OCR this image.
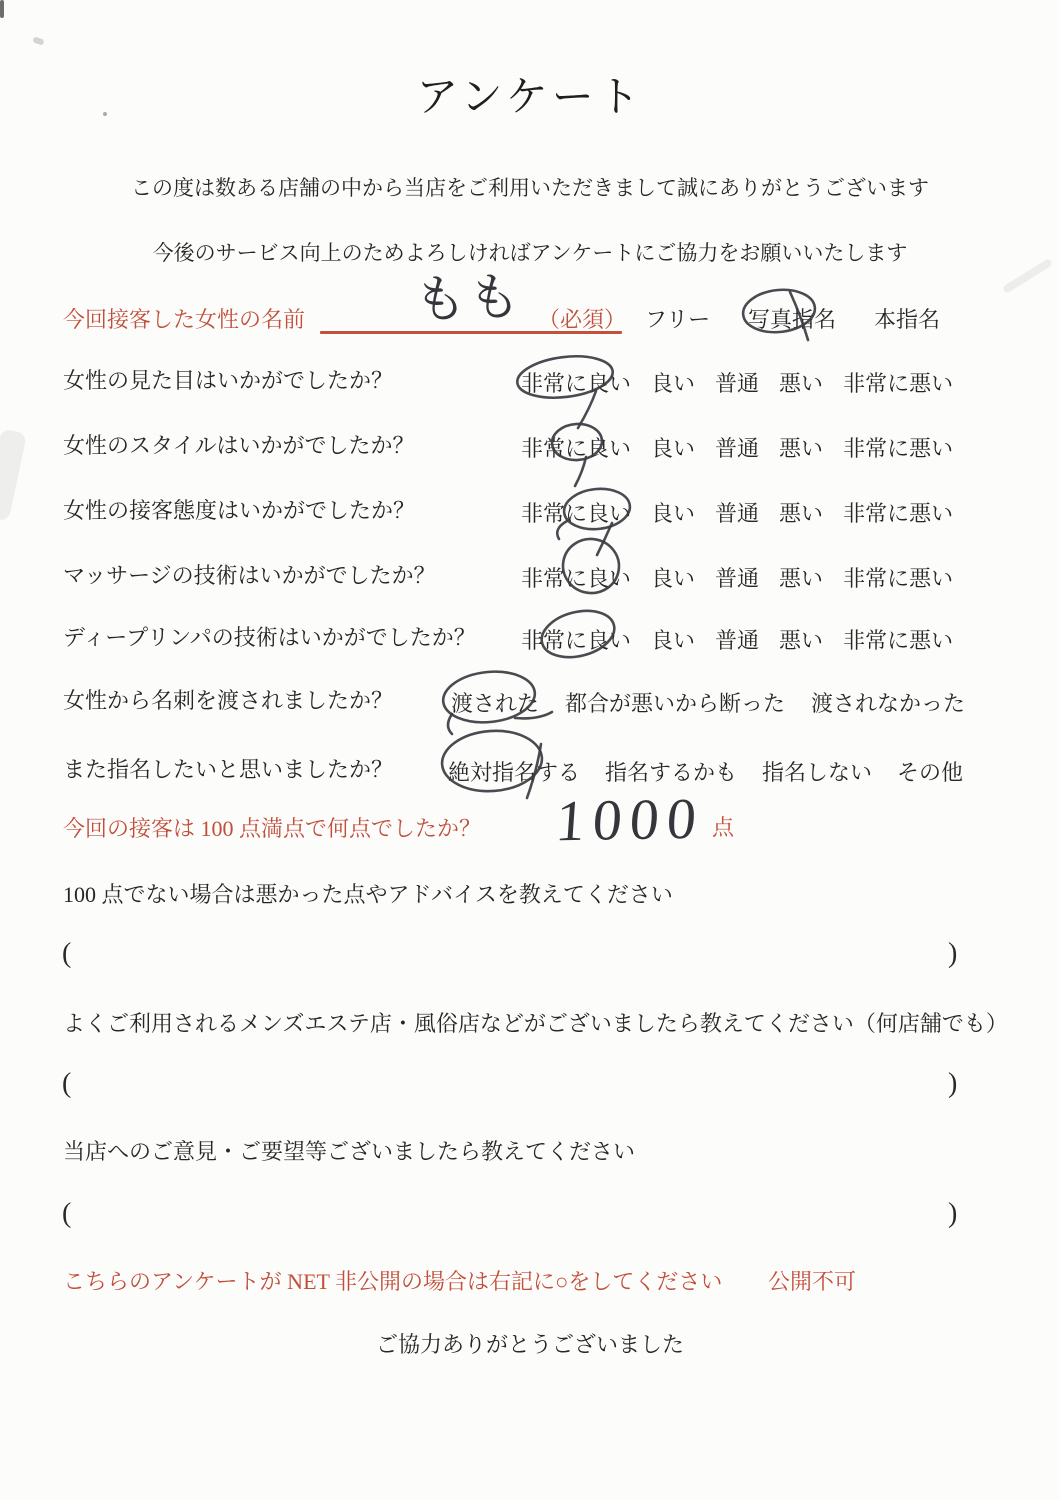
アンケート
この度は数ある店舗の中から当店をご利用いただきまして誠にありがとうございます
今後のサービス向上のためよろしければアンケートにご協力をお願いいたします
今回接客した女性の名前 もも （必須） フリー 写真指名 本指名
女性の見た目はいかがでしたか？	非常に良い 良い 普通 悪い 非常に悪い
女性のスタイルはいかがでしたか？	非常に良い 良い 普通 悪い 非常に悪い
女性の接客態度はいかがでしたか？	非常に良い 良い 普通 悪い 非常に悪い
マッサージの技術はいかがでしたか？	非常に良い 良い 普通 悪い 非常に悪い
ディープリンパの技術はいかがでしたか？ 非常に良い 良い 普通 悪い 非常に悪い
女性から名刺を渡されましたか？	渡された 都合が悪いから断った 渡されなかった
また指名したいと思いましたか？ 絶対指名する 指名するかも 指名しない その他
今回の接客は 100 点満点で何点でしたか？ 1000 点
100 点でない場合は悪かった点やアドバイスを教えてください
(	)
よくご利用されるメンズエステ店・風俗店などがございましたら教えてください（何店舗でも）
(	)
当店へのご意見・ご要望等ございましたら教えてください
(	)
こちらのアンケートが NET 非公開の場合は右記に○をしてください 公開不可
ご協力ありがとうございました
